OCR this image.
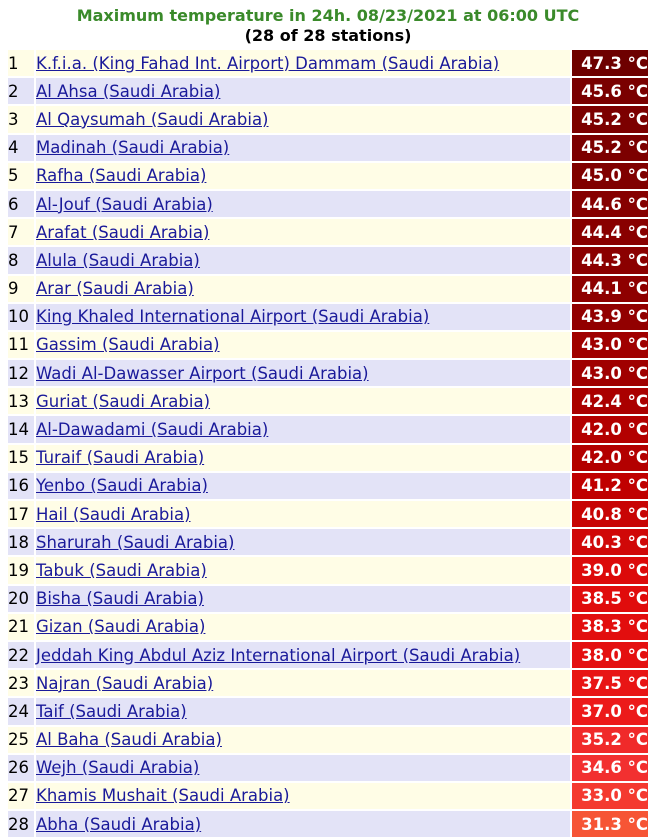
Maximum temperature in 24h. 08/23/2021 at 06:00 UTC
(28 of 28 stations)
1	K.f.i.a. (King Fahad Int. Airport) Dammam (Saudi Arabia)	47.3 °C
2	Al Ahsa (Saudi Arabia)	45.6 °C
3	Al Qaysumah (Saudi Arabia)	45.2 °C
4	Madinah (Saudi Arabia)	45.2 °C
5	Rafha (Saudi Arabia)	45.0 °C
6	Al-Jouf (Saudi Arabia)	44.6 °C
7	Arafat (Saudi Arabia)	44.4 °C
8	Alula (Saudi Arabia)	44.3 °C
9	Arar (Saudi Arabia)	44.1 °C
10	King Khaled International Airport (Saudi Arabia)	43.9 °C
11	Gassim (Saudi Arabia)	43.0 °C
12	Wadi Al-Dawasser Airport (Saudi Arabia)	43.0 °C
13	Guriat (Saudi Arabia)	42.4 °C
14	Al-Dawadami (Saudi Arabia)	42.0 °C
15	Turaif (Saudi Arabia)	42.0 °C
16	Yenbo (Saudi Arabia)	41.2 °C
17	Hail (Saudi Arabia)	40.8 °C
18	Sharurah (Saudi Arabia)	40.3 °C
19	Tabuk (Saudi Arabia)	39.0 °C
20	Bisha (Saudi Arabia)	38.5 °C
21	Gizan (Saudi Arabia)	38.3 °C
22	Jeddah King Abdul Aziz International Airport (Saudi Arabia)	38.0 °C
23	Najran (Saudi Arabia)	37.5 °C
24	Taif (Saudi Arabia)	37.0 °C
25	Al Baha (Saudi Arabia)	35.2 °C
26	Wejh (Saudi Arabia)	34.6 °C
27	Khamis Mushait (Saudi Arabia)	33.0 °C
28	Abha (Saudi Arabia)	31.3 °C
